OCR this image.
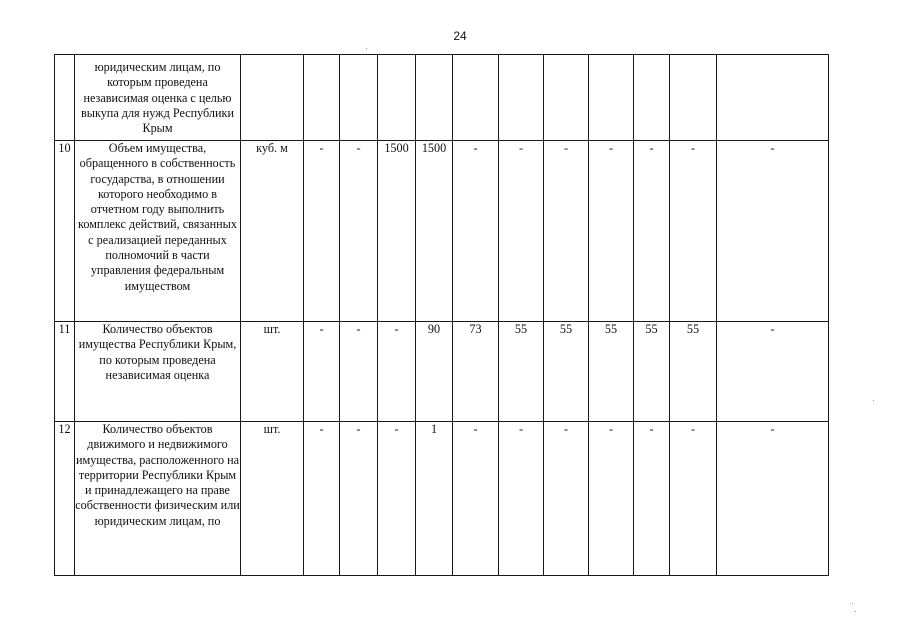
24
	юридическим лицам, по которым проведена независимая оценка с целью выкупа для нужд Республики Крым												
10	Объем имущества, обращенного в собственность государства, в отношении которого необходимо в отчетном году выполнить комплекс действий, связанных с реализацией переданных полномочий в части управления федеральным имуществом	куб. м	-	-	1500	1500	-	-	-	-	-	-	-
11	Количество объектов имущества Республики Крым, по которым проведена независимая оценка	шт.	-	-	-	90	73	55	55	55	55	55	-
12	Количество объектов движимого и недвижимого имущества, расположенного на территории Республики Крым и принадлежащего на праве собственности физическим или юридическим лицам, по	шт.	-	-	-	1	-	-	-	-	-	-	-
